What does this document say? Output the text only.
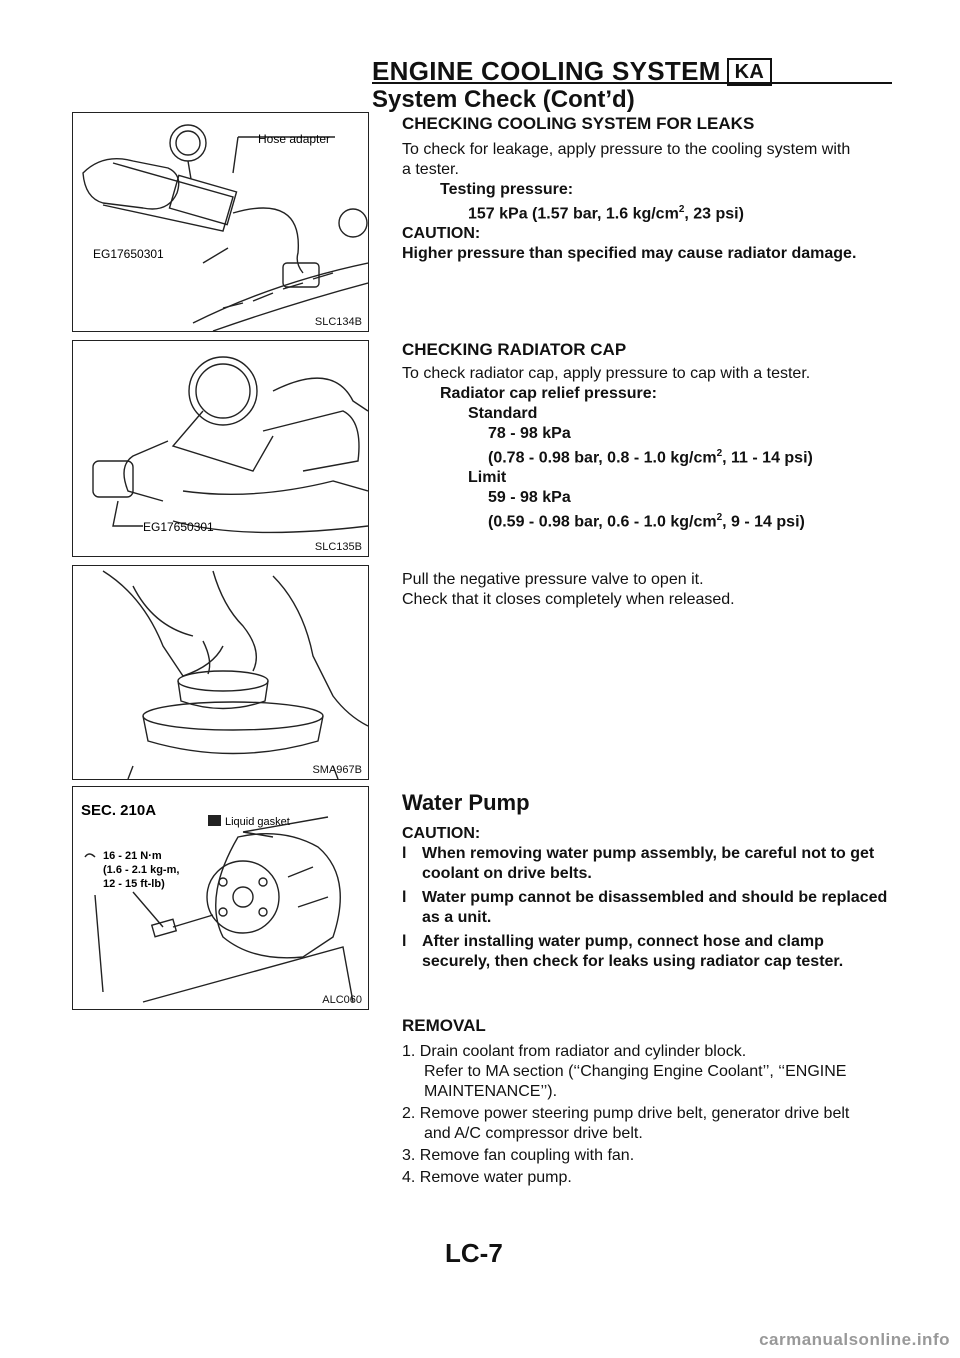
ENGINE COOLING SYSTEM KA
System Check (Cont’d)
Hose adapter
EG17650301
SLC134B
EG17650301
SLC135B
SMA967B
SEC. 210A
Liquid gasket
16 - 21 N·m
(1.6 - 2.1 kg-m,
12 - 15 ft-lb)
ALC060
CHECKING COOLING SYSTEM FOR LEAKS
To check for leakage, apply pressure to the cooling system with
a tester.
Testing pressure:
157 kPa (1.57 bar, 1.6 $kg/cm^2$, 23 psi)
CAUTION:
Higher pressure than specified may cause radiator damage.
CHECKING RADIATOR CAP
To check radiator cap, apply pressure to cap with a tester.
Radiator cap relief pressure:
Standard
78 - 98 kPa
(0.78 - 0.98 bar, 0.8 - 1.0 $kg/cm^2$, 11 - 14 psi)
Limit
59 - 98 kPa
(0.59 - 0.98 bar, 0.6 - 1.0 $kg/cm^2$, 9 - 14 psi)
Pull the negative pressure valve to open it.
Check that it closes completely when released.
Water Pump
CAUTION:
l When removing water pump assembly, be careful not to get coolant on drive belts.
l Water pump cannot be disassembled and should be replaced as a unit.
l After installing water pump, connect hose and clamp securely, then check for leaks using radiator cap tester.
REMOVAL
1. Drain coolant from radiator and cylinder block.
Refer to MA section (‘‘Changing Engine Coolant’’, ‘‘ENGINE MAINTENANCE’’).
2. Remove power steering pump drive belt, generator drive belt
and A/C compressor drive belt.
3. Remove fan coupling with fan.
4. Remove water pump.
LC-7
carmanualsonline.info
